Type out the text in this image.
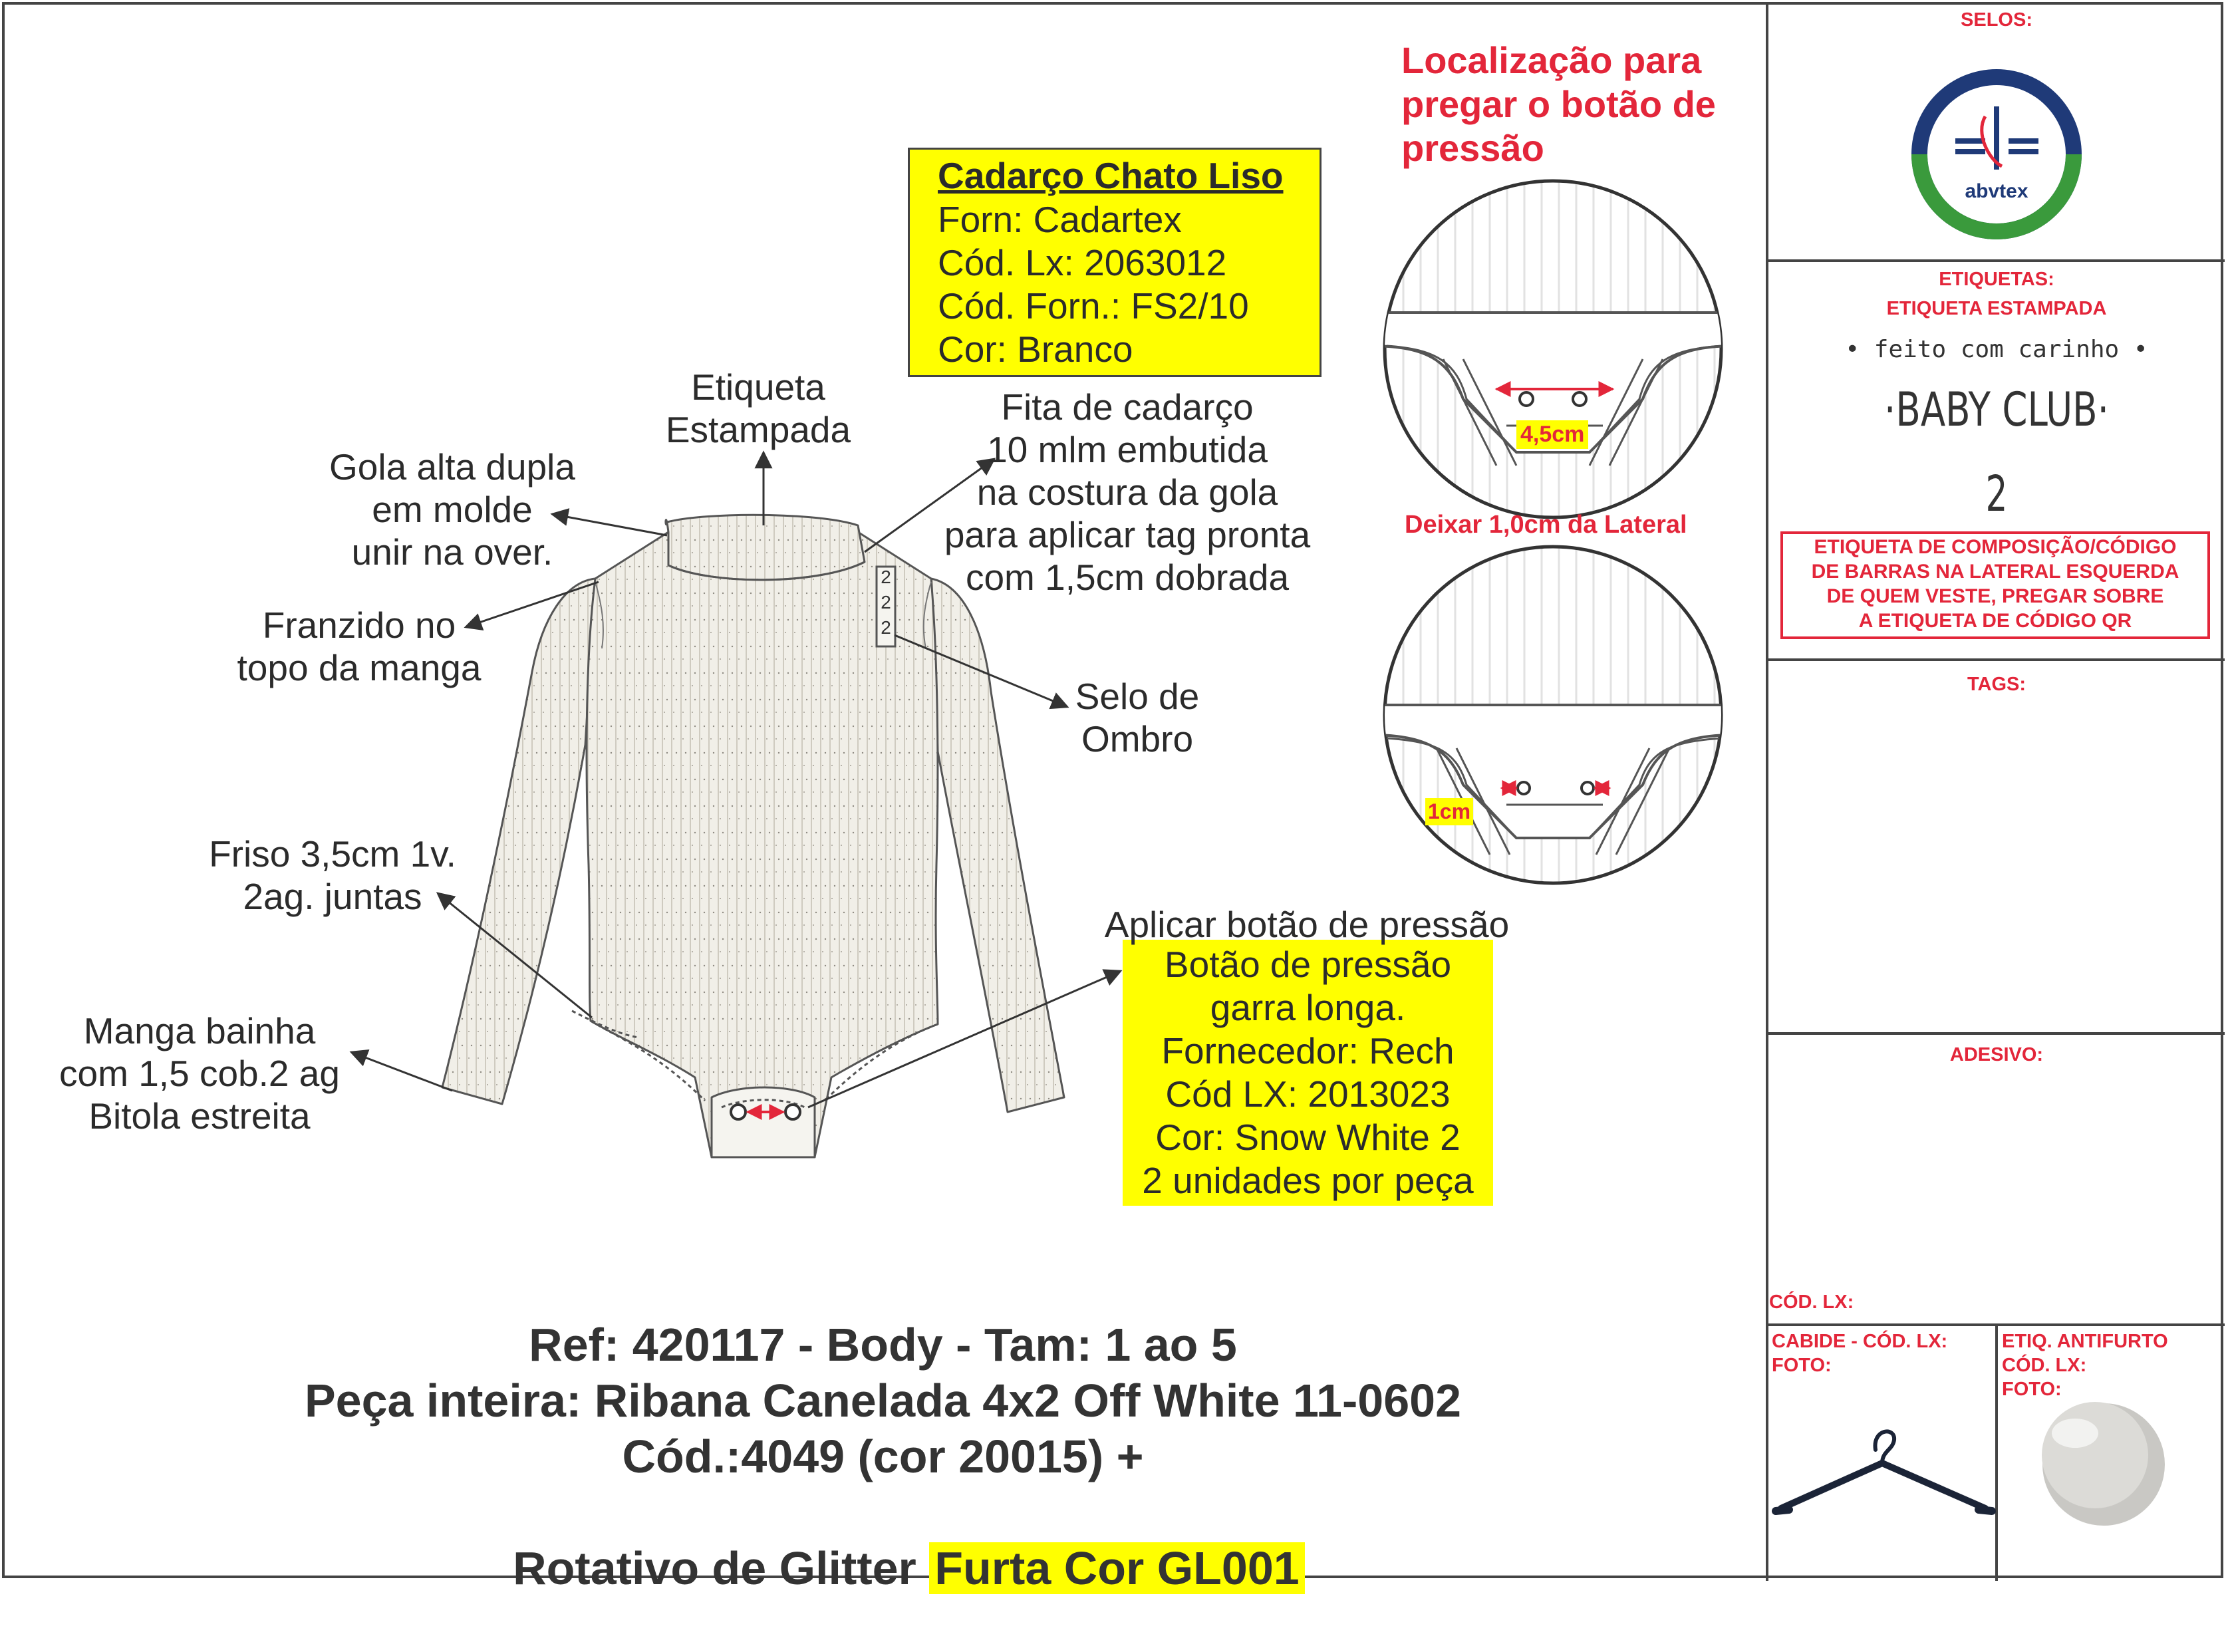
abvtex
Cadarço Chato Liso
Forn: Cadartex
Cód. Lx: 2063012
Cód. Forn.: FS2/10
Cor: Branco
Botão de pressão
garra longa.
Fornecedor: Rech
Cód LX: 2013023
Cor: Snow White 2
2 unidades por peça
Etiqueta
Estampada
Gola alta dupla
em molde
unir na over.
Franzido no
topo da manga
Fita de cadarço
10 mlm embutida
na costura da gola
para aplicar tag pronta
com 1,5cm dobrada
Selo de
Ombro
Friso 3,5cm 1v.
2ag. juntas
Manga bainha
com 1,5 cob.2 ag
Bitola estreita
Aplicar botão de pressão
2
2
2
Localização para
pregar o botão de
pressão
4,5cm
Deixar 1,0cm da Lateral
1cm
Ref: 420117 - Body - Tam: 1 ao 5
Peça inteira: Ribana Canelada 4x2 Off White 11-0602
Cód.:4049 (cor 20015) +

Rotativo de Glitter Furta Cor GL001

SELOS:
ETIQUETAS:
ETIQUETA ESTAMPADA
• feito com carinho •
·BABY CLUB·
2
ETIQUETA DE COMPOSIÇÃO/CÓDIGO
DE BARRAS NA LATERAL ESQUERDA
DE QUEM VESTE, PREGAR SOBRE
A ETIQUETA DE CÓDIGO QR
TAGS:
ADESIVO:
CÓD. LX:
CABIDE - CÓD. LX:
FOTO:
ETIQ. ANTIFURTO
CÓD. LX:
FOTO:
